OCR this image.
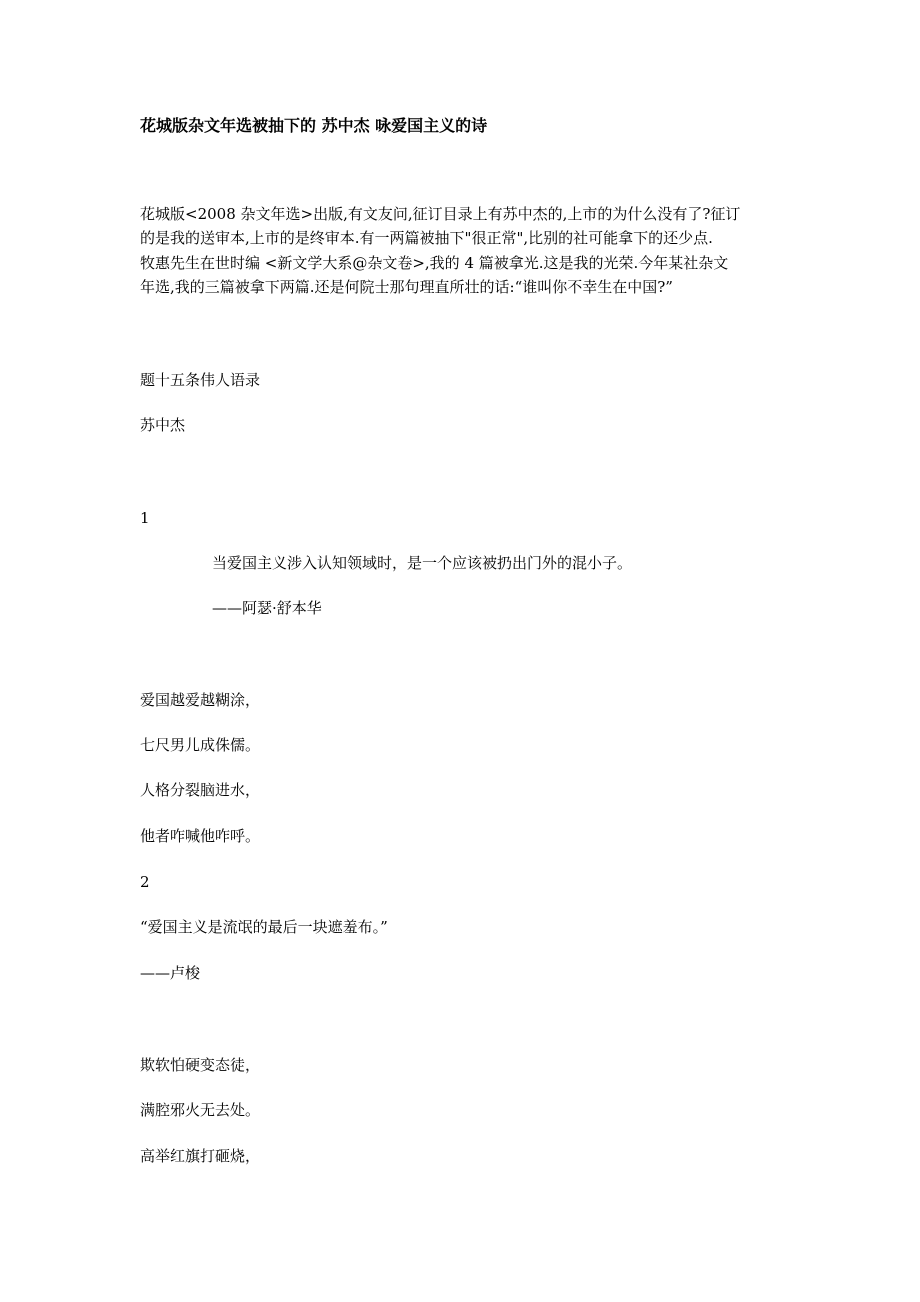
花城版杂文年选被抽下的 苏中杰 咏爱国主义的诗
花城版<2008 杂文年选>出版,有文友问,征订目录上有苏中杰的,上市的为什么没有了?征订
的是我的送审本,上市的是终审本.有一两篇被抽下"很正常",比别的社可能拿下的还少点.
牧惠先生在世时编 <新文学大系@杂文卷>,我的 4 篇被拿光.这是我的光荣.今年某社杂文
年选,我的三篇被拿下两篇.还是何院士那句理直所壮的话:“谁叫你不幸生在中国?”
题十五条伟人语录
苏中杰
1
当爱国主义涉入认知领域时，是一个应该被扔出门外的混小子。
——阿瑟·舒本华
爱国越爱越糊涂，
七尺男儿成侏儒。
人格分裂脑进水，
他者咋喊他咋呼。
2
“爱国主义是流氓的最后一块遮羞布。”
——卢梭
欺软怕硬变态徒，
满腔邪火无去处。
高举红旗打砸烧，
